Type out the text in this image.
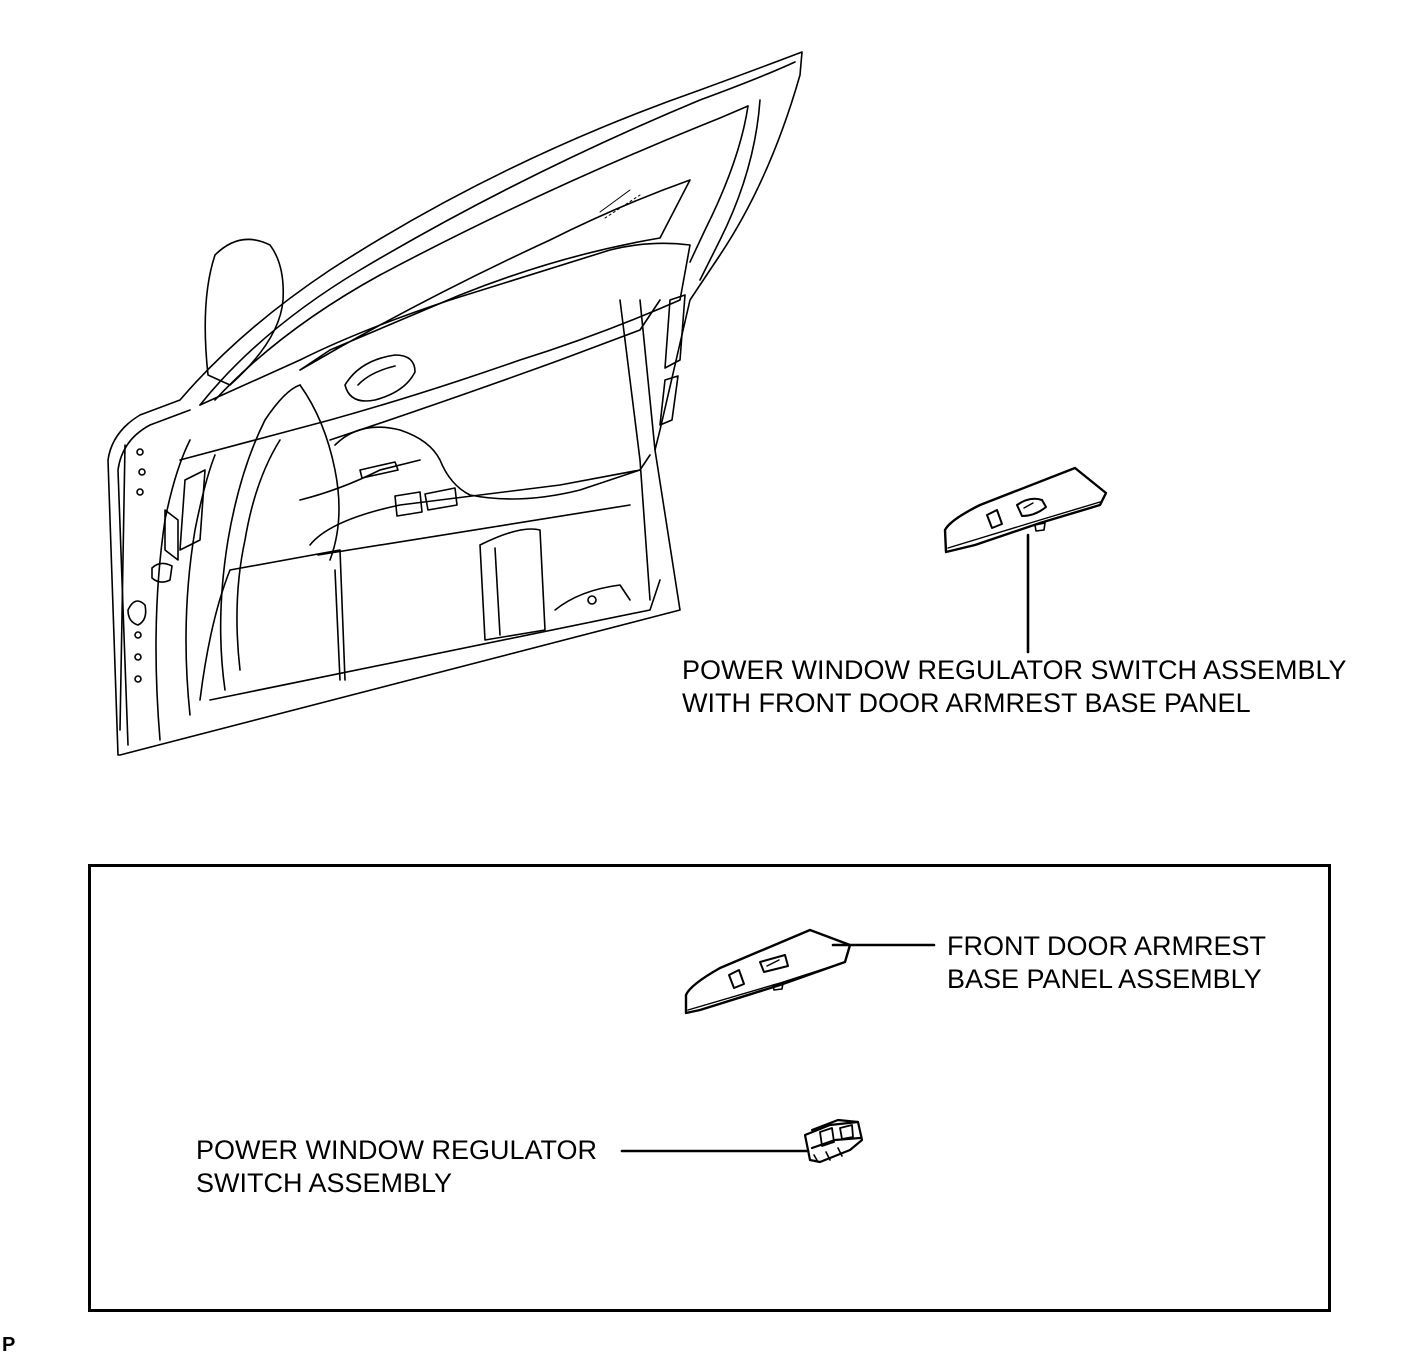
POWER WINDOW REGULATOR SWITCH ASSEMBLY
WITH FRONT DOOR ARMREST BASE PANEL
FRONT DOOR ARMREST
BASE PANEL ASSEMBLY
POWER WINDOW REGULATOR
SWITCH ASSEMBLY
P
